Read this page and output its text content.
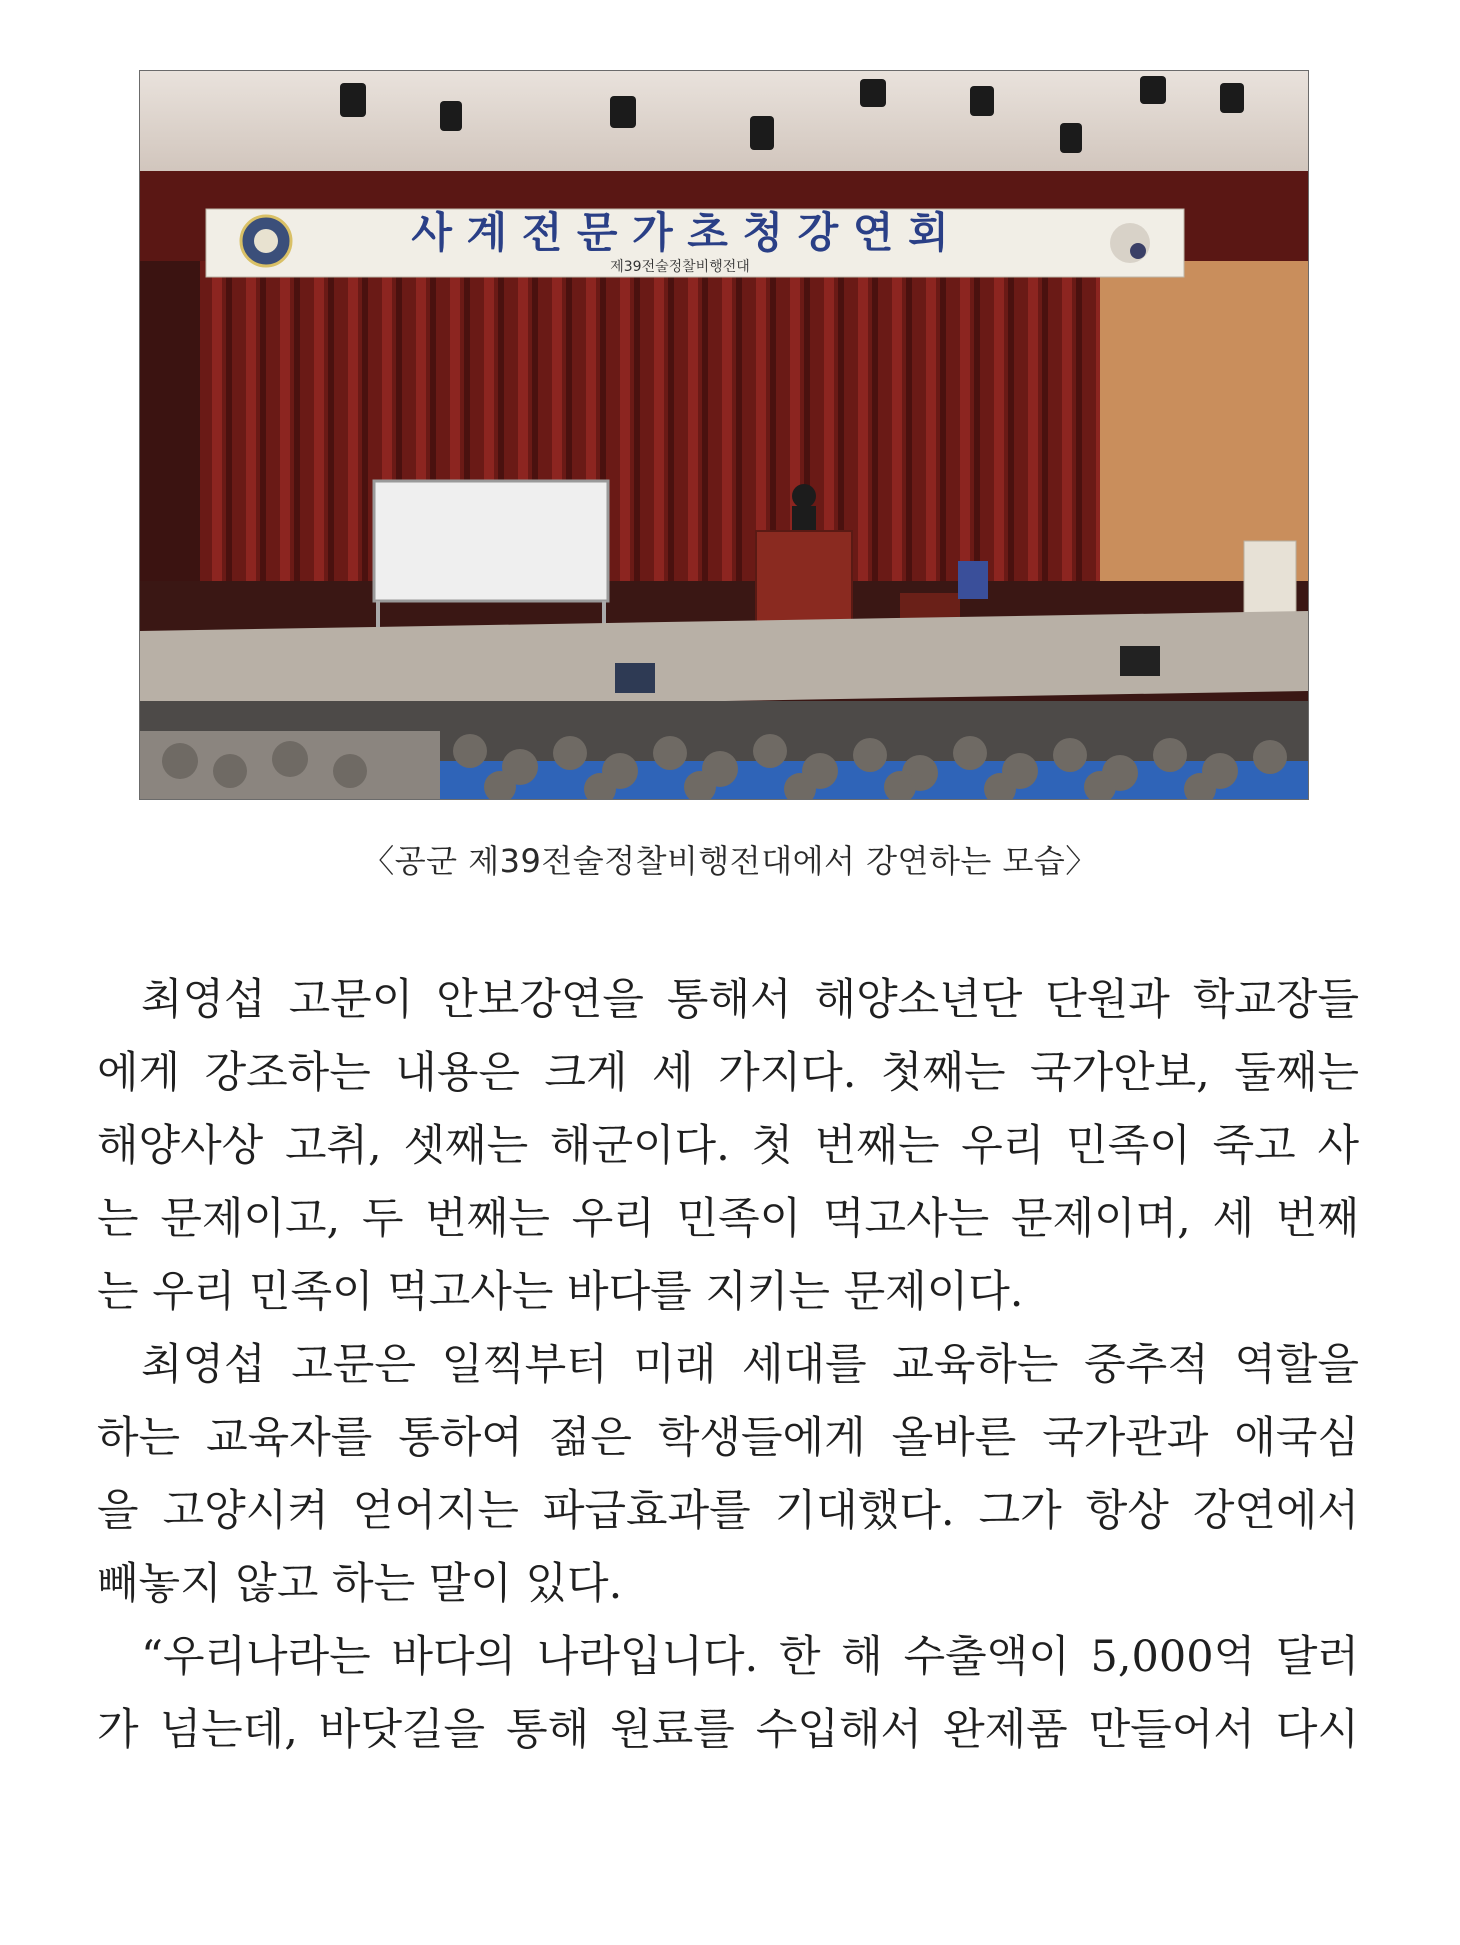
사 계 전 문 가 초 청 강 연 회
제39전술정찰비행전대
〈공군 제39전술정찰비행전대에서 강연하는 모습〉
최영섭 고문이 안보강연을 통해서 해양소년단 단원과 학교장들
에게 강조하는 내용은 크게 세 가지다. 첫째는 국가안보, 둘째는
해양사상 고취, 셋째는 해군이다. 첫 번째는 우리 민족이 죽고 사
는 문제이고, 두 번째는 우리 민족이 먹고사는 문제이며, 세 번째
는 우리 민족이 먹고사는 바다를 지키는 문제이다.
최영섭 고문은 일찍부터 미래 세대를 교육하는 중추적 역할을
하는 교육자를 통하여 젊은 학생들에게 올바른 국가관과 애국심
을 고양시켜 얻어지는 파급효과를 기대했다. 그가 항상 강연에서
빼놓지 않고 하는 말이 있다.
“우리나라는 바다의 나라입니다. 한 해 수출액이 5,000억 달러
가 넘는데, 바닷길을 통해 원료를 수입해서 완제품 만들어서 다시
